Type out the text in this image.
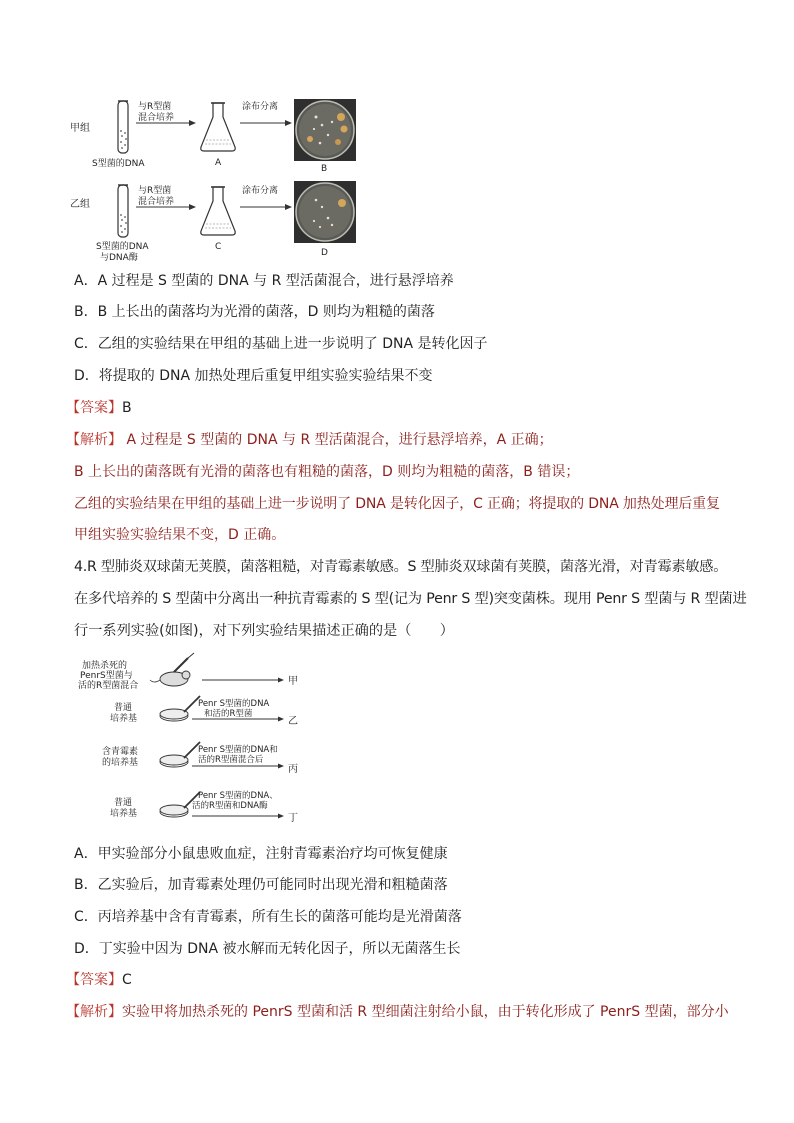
甲组
S型菌的DNA
与R型菌混合培养
A
涂布分离
B
乙组
S型菌的DNA 与DNA酶
与R型菌混合培养
C
涂布分离
D
A．A 过程是 S 型菌的 DNA 与 R 型活菌混合，进行悬浮培养
B．B 上长出的菌落均为光滑的菌落，D 则均为粗糙的菌落
C．乙组的实验结果在甲组的基础上进一步说明了 DNA 是转化因子
D．将提取的 DNA 加热处理后重复甲组实验实验结果不变
【答案】B
【解析】 A 过程是 S 型菌的 DNA 与 R 型活菌混合，进行悬浮培养，A 正确；
B 上长出的菌落既有光滑的菌落也有粗糙的菌落，D 则均为粗糙的菌落，B 错误；
乙组的实验结果在甲组的基础上进一步说明了 DNA 是转化因子，C 正确；将提取的 DNA 加热处理后重复
甲组实验实验结果不变，D 正确。
4.R 型肺炎双球菌无荚膜，菌落粗糙，对青霉素敏感。S 型肺炎双球菌有荚膜，菌落光滑，对青霉素敏感。
在多代培养的 S 型菌中分离出一种抗青霉素的 S 型(记为 Penr S 型)突变菌株。现用 Penr S 型菌与 R 型菌进
行一系列实验(如图)，对下列实验结果描述正确的是（　　）
加热杀死的 PenrS型菌与活的R型菌混合	甲
普通培养基
Penr S型菌的DNA 和活的R型菌
乙
含青霉素的培养基
Penr S型菌的DNA和活的R型菌混合后
丙
普通培养基
Penr S型菌的DNA、活的R型菌和DNA酶
丁
A．甲实验部分小鼠患败血症，注射青霉素治疗均可恢复健康
B．乙实验后，加青霉素处理仍可能同时出现光滑和粗糙菌落
C．丙培养基中含有青霉素，所有生长的菌落可能均是光滑菌落
D．丁实验中因为 DNA 被水解而无转化因子，所以无菌落生长
【答案】C
【解析】实验甲将加热杀死的 PenrS 型菌和活 R 型细菌注射给小鼠，由于转化形成了 PenrS 型菌，部分小
